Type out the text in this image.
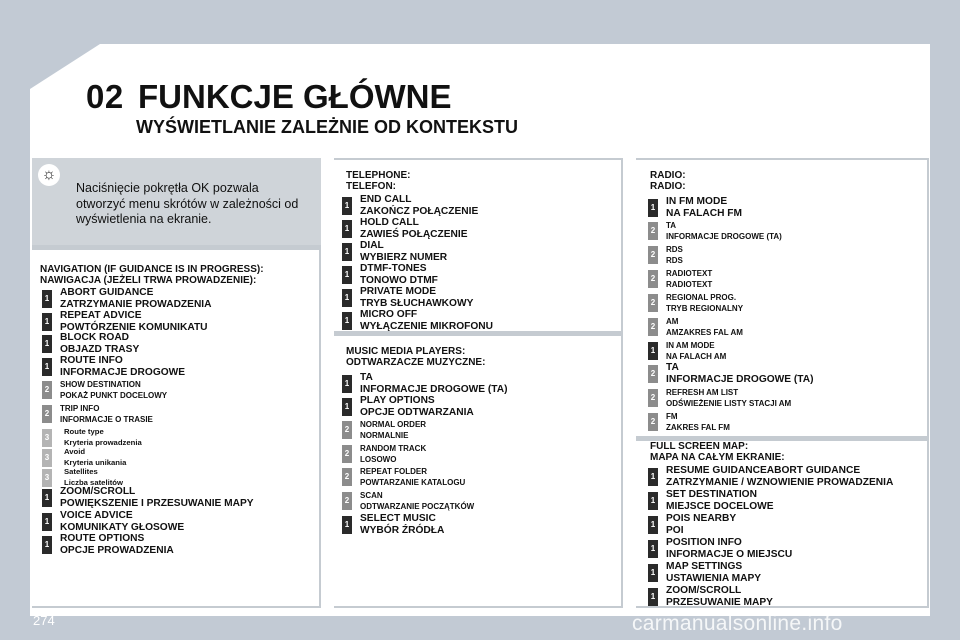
02 FUNKCJE GŁÓWNE
WYŚWIETLANIE ZALEŻNIE OD KONTEKSTU
☼
Naciśnięcie pokrętła OK pozwala otworzyć menu skrótów w zależności od wyświetlenia na ekranie.
NAVIGATION (IF GUIDANCE IS IN PROGRESS):
NAWIGACJA (JEŻELI TRWA PROWADZENIE):
1
ABORT GUIDANCE
ZATRZYMANIE PROWADZENIA
1
REPEAT ADVICE
POWTÓRZENIE KOMUNIKATU
1
BLOCK ROAD
OBJAZD TRASY
1
ROUTE INFO
INFORMACJE DROGOWE
2
SHOW DESTINATION
POKAŻ PUNKT DOCELOWY
2
TRIP INFO
INFORMACJE O TRASIE
3
Route type
Kryteria prowadzenia
3
Avoid
Kryteria unikania
3
Satellites
Liczba satelitów
1
ZOOM/SCROLL
POWIĘKSZENIE I PRZESUWANIE MAPY
1
VOICE ADVICE
KOMUNIKATY GŁOSOWE
1
ROUTE OPTIONS
OPCJE PROWADZENIA
TELEPHONE:
TELEFON:
1
END CALL
ZAKOŃCZ POŁĄCZENIE
1
HOLD CALL
ZAWIEŚ POŁĄCZENIE
1
DIAL
WYBIERZ NUMER
1
DTMF-TONES
TONOWO DTMF
1
PRIVATE MODE
TRYB SŁUCHAWKOWY
1
MICRO OFF
WYŁĄCZENIE MIKROFONU
MUSIC MEDIA PLAYERS:
ODTWARZACZE MUZYCZNE:
1
TA
INFORMACJE DROGOWE (TA)
1
PLAY OPTIONS
OPCJE ODTWARZANIA
2
NORMAL ORDER
NORMALNIE
2
RANDOM TRACK
LOSOWO
2
REPEAT FOLDER
POWTARZANIE KATALOGU
2
SCAN
ODTWARZANIE POCZĄTKÓW
1
SELECT MUSIC
WYBÓR ŹRÓDŁA
RADIO:
RADIO:
1
IN FM MODE
NA FALACH FM
2
TA
INFORMACJE DROGOWE (TA)
2
RDS
RDS
2
RADIOTEXT
RADIOTEXT
2
REGIONAL PROG.
TRYB REGIONALNY
2
AM
AMZAKRES FAL AM
1
IN AM MODE
NA FALACH AM
2
TA
INFORMACJE DROGOWE (TA)
2
REFRESH AM LIST
ODŚWIEŻENIE LISTY STACJI AM
2
FM
ZAKRES FAL FM
FULL SCREEN MAP:
MAPA NA CAŁYM EKRANIE:
1
RESUME GUIDANCEABORT GUIDANCE
ZATRZYMANIE / WZNOWIENIE PROWADZENIA
1
SET DESTINATION
MIEJSCE DOCELOWE
1
POIS NEARBY
POI
1
POSITION INFO
INFORMACJE O MIEJSCU
1
MAP SETTINGS
USTAWIENIA MAPY
1
ZOOM/SCROLL
PRZESUWANIE MAPY
274	carmanualsonline.info
